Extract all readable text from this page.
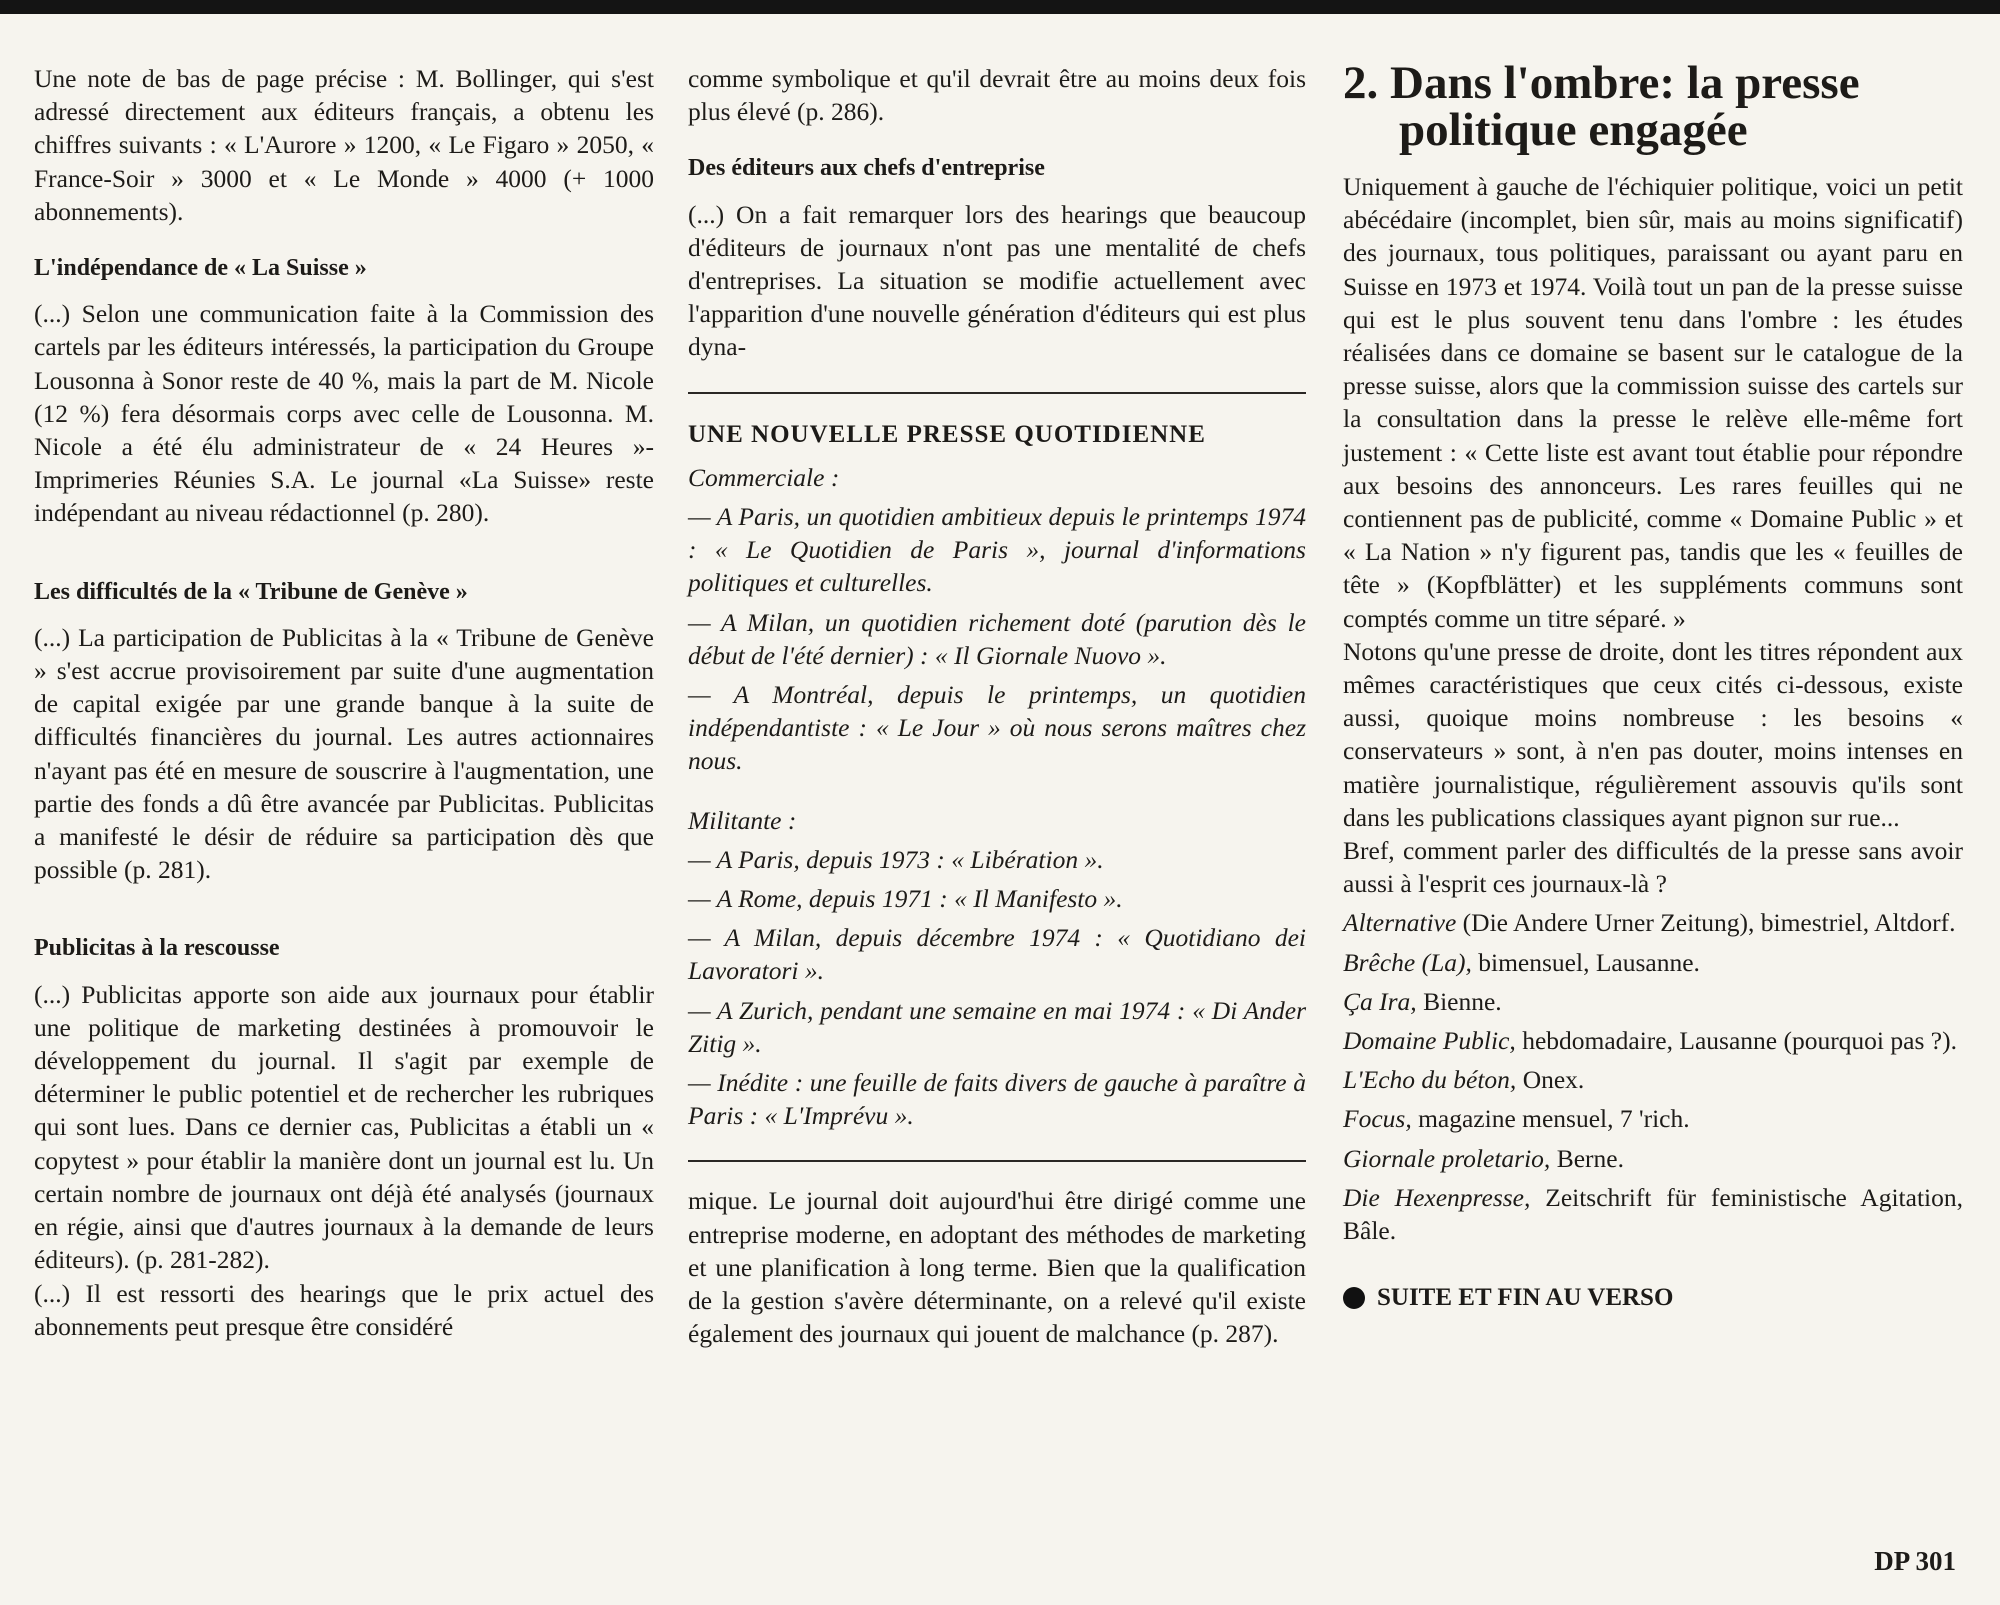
Une note de bas de page précise : M. Bollinger, qui s'est adressé directement aux éditeurs français, a obtenu les chiffres suivants : « L'Aurore » 1200, « Le Figaro » 2050, « France-Soir » 3000 et « Le Monde » 4000 (+ 1000 abonnements).

L'indépendance de « La Suisse »

(...) Selon une communication faite à la Commission des cartels par les éditeurs intéressés, la participation du Groupe Lousonna à Sonor reste de 40 %, mais la part de M. Nicole (12 %) fera désormais corps avec celle de Lousonna. M. Nicole a été élu administrateur de « 24 Heures »-Imprimeries Réunies S.A. Le journal «La Suisse» reste indépendant au niveau rédactionnel (p. 280).

Les difficultés de la « Tribune de Genève »

(...) La participation de Publicitas à la « Tribune de Genève » s'est accrue provisoirement par suite d'une augmentation de capital exigée par une grande banque à la suite de difficultés financières du journal. Les autres actionnaires n'ayant pas été en mesure de souscrire à l'augmentation, une partie des fonds a dû être avancée par Publicitas. Publicitas a manifesté le désir de réduire sa participation dès que possible (p. 281).

Publicitas à la rescousse

(...) Publicitas apporte son aide aux journaux pour établir une politique de marketing destinées à promouvoir le développement du journal. Il s'agit par exemple de déterminer le public potentiel et de rechercher les rubriques qui sont lues. Dans ce dernier cas, Publicitas a établi un « copytest » pour établir la manière dont un journal est lu. Un certain nombre de journaux ont déjà été analysés (journaux en régie, ainsi que d'autres journaux à la demande de leurs éditeurs). (p. 281-282).

(...) Il est ressorti des hearings que le prix actuel des abonnements peut presque être considéré

comme symbolique et qu'il devrait être au moins deux fois plus élevé (p. 286).

Des éditeurs aux chefs d'entreprise

(...) On a fait remarquer lors des hearings que beaucoup d'éditeurs de journaux n'ont pas une mentalité de chefs d'entreprises. La situation se modifie actuellement avec l'apparition d'une nouvelle génération d'éditeurs qui est plus dyna-

UNE NOUVELLE PRESSE QUOTIDIENNE
Commerciale :

— A Paris, un quotidien ambitieux depuis le printemps 1974 : « Le Quotidien de Paris », journal d'informations politiques et culturelles.

— A Milan, un quotidien richement doté (parution dès le début de l'été dernier) : « Il Giornale Nuovo ».

— A Montréal, depuis le printemps, un quotidien indépendantiste : « Le Jour » où nous serons maîtres chez nous.

Militante :

— A Paris, depuis 1973 : « Libération ».

— A Rome, depuis 1971 : « Il Manifesto ».

— A Milan, depuis décembre 1974 : « Quotidiano dei Lavoratori ».

— A Zurich, pendant une semaine en mai 1974 : « Di Ander Zitig ».

— Inédite : une feuille de faits divers de gauche à paraître à Paris : « L'Imprévu ».

mique. Le journal doit aujourd'hui être dirigé comme une entreprise moderne, en adoptant des méthodes de marketing et une planification à long terme. Bien que la qualification de la gestion s'avère déterminante, on a relevé qu'il existe également des journaux qui jouent de malchance (p. 287).

2. Dans l'ombre: la presse politique engagée

Uniquement à gauche de l'échiquier politique, voici un petit abécédaire (incomplet, bien sûr, mais au moins significatif) des journaux, tous politiques, paraissant ou ayant paru en Suisse en 1973 et 1974. Voilà tout un pan de la presse suisse qui est le plus souvent tenu dans l'ombre : les études réalisées dans ce domaine se basent sur le catalogue de la presse suisse, alors que la commission suisse des cartels sur la consultation dans la presse le relève elle-même fort justement : « Cette liste est avant tout établie pour répondre aux besoins des annonceurs. Les rares feuilles qui ne contiennent pas de publicité, comme « Domaine Public » et « La Nation » n'y figurent pas, tandis que les « feuilles de tête » (Kopfblätter) et les suppléments communs sont comptés comme un titre séparé. »

Notons qu'une presse de droite, dont les titres répondent aux mêmes caractéristiques que ceux cités ci-dessous, existe aussi, quoique moins nombreuse : les besoins « conservateurs » sont, à n'en pas douter, moins intenses en matière journalistique, régulièrement assouvis qu'ils sont dans les publications classiques ayant pignon sur rue...

Bref, comment parler des difficultés de la presse sans avoir aussi à l'esprit ces journaux-là ?

Alternative (Die Andere Urner Zeitung), bimestriel, Altdorf.

Brêche (La), bimensuel, Lausanne.

Ça Ira, Bienne.

Domaine Public, hebdomadaire, Lausanne (pourquoi pas ?).

L'Echo du béton, Onex.

Focus, magazine mensuel, 7 'rich.

Giornale proletario, Berne.

Die Hexenpresse, Zeitschrift für feministische Agitation, Bâle.

SUITE ET FIN AU VERSO
DP 301
